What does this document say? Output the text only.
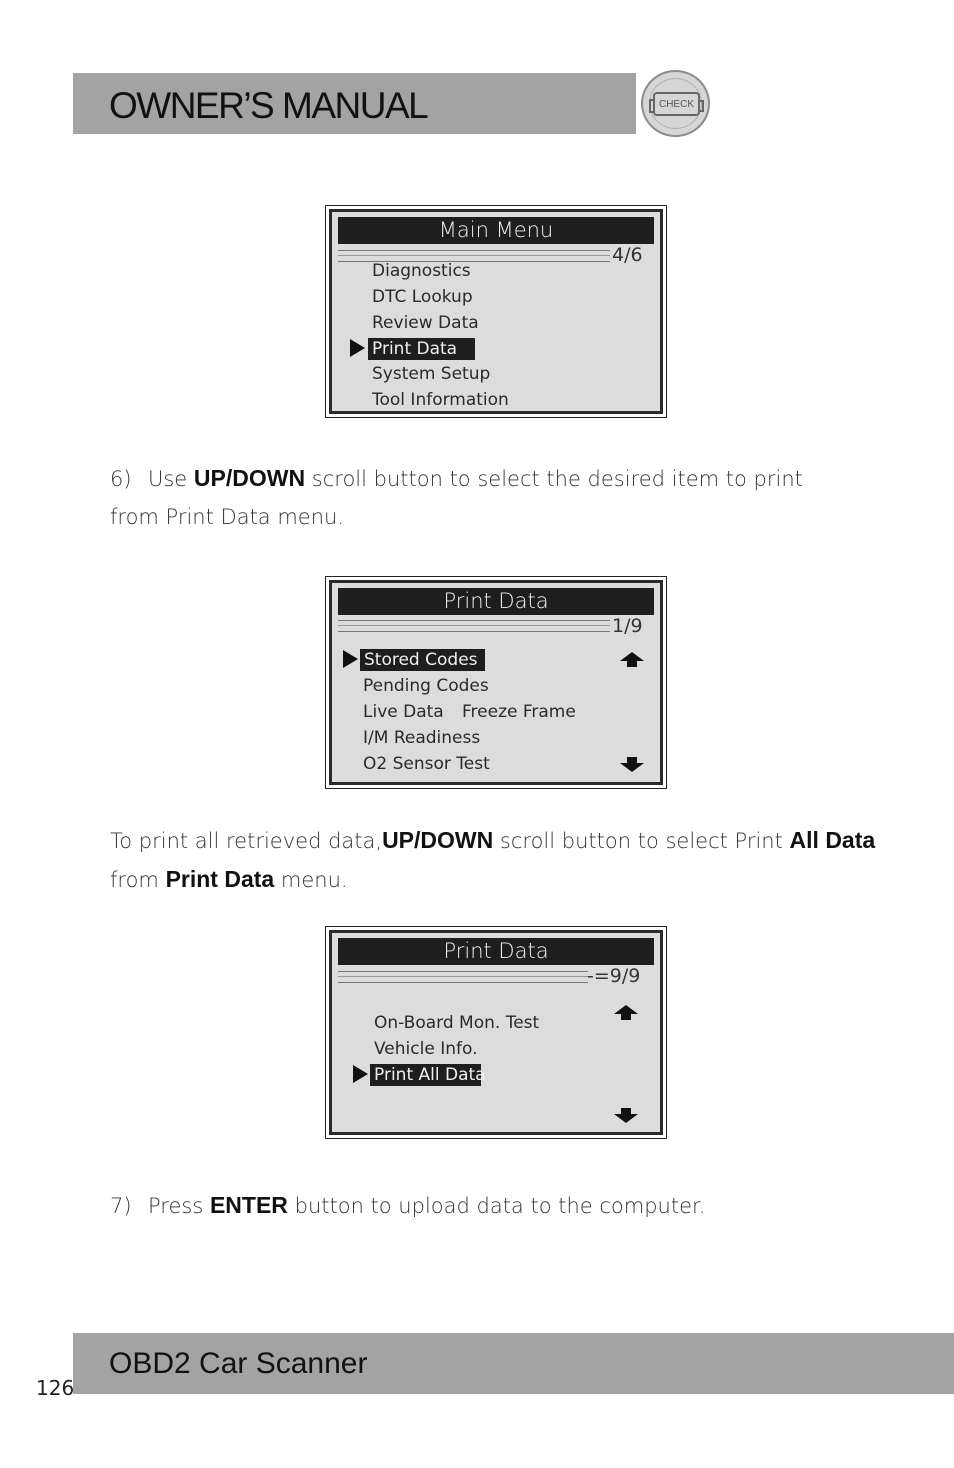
OWNER’S MANUAL	CHECK
Main Menu
4/6
Diagnostics
DTC Lookup
Review Data
Print Data
System Setup
Tool Information
6) Use UP/DOWN scroll button to select the desired item to print
from Print Data menu.
Print Data
1/9
Stored Codes
Pending Codes
Live Data Freeze Frame
I/M Readiness
O2 Sensor Test
To print all retrieved data,UP/DOWN scroll button to select Print All Data
from Print Data menu.
Print Data
-=9/9
On-Board Mon. Test
Vehicle Info.
Print All Data
7) Press ENTER button to upload data to the computer.
OBD2 Car Scanner
126
